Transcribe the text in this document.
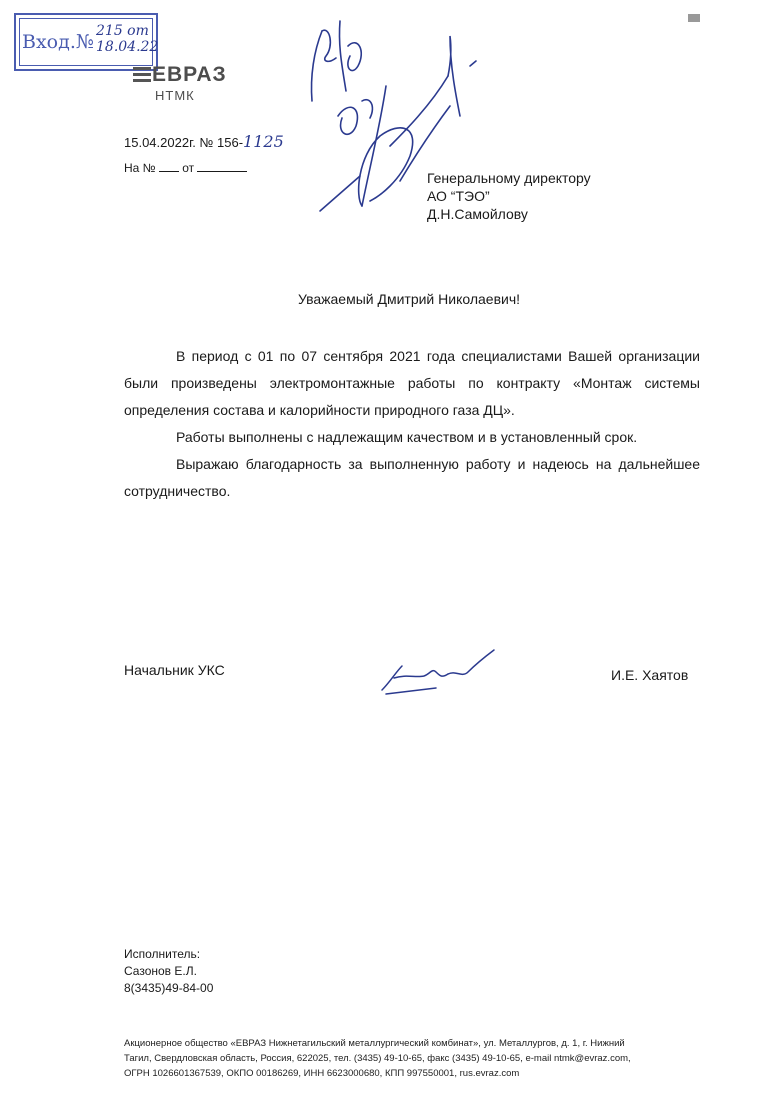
Вход.№ 215 от 18.04.22
ЕВРАЗ
НТМК
15.04.2022г. № 156-1125
На № от
Генеральному директору
АО “ТЭО”
Д.Н.Самойлову
Уважаемый Дмитрий Николаевич!

В период с 01 по 07 сентября 2021 года специалистами Вашей организации были произведены электромонтажные работы по контракту «Монтаж системы определения состава и калорийности природного газа ДЦ».

Работы выполнены с надлежащим качеством и в установленный срок.

Выражаю благодарность за выполненную работу и надеюсь на дальнейшее сотрудничество.

Начальник УКС	И.Е. Хаятов
Исполнитель:
Сазонов Е.Л.
8(3435)49-84-00
Акционерное общество «ЕВРАЗ Нижнетагильский металлургический комбинат», ул. Металлургов, д. 1, г. Нижний
Тагил, Свердловская область, Россия, 622025, тел. (3435) 49-10-65, факс (3435) 49-10-65, e-mail ntmk@evraz.com,
ОГРН 1026601367539, ОКПО 00186269, ИНН 6623000680, КПП 997550001, rus.evraz.com
